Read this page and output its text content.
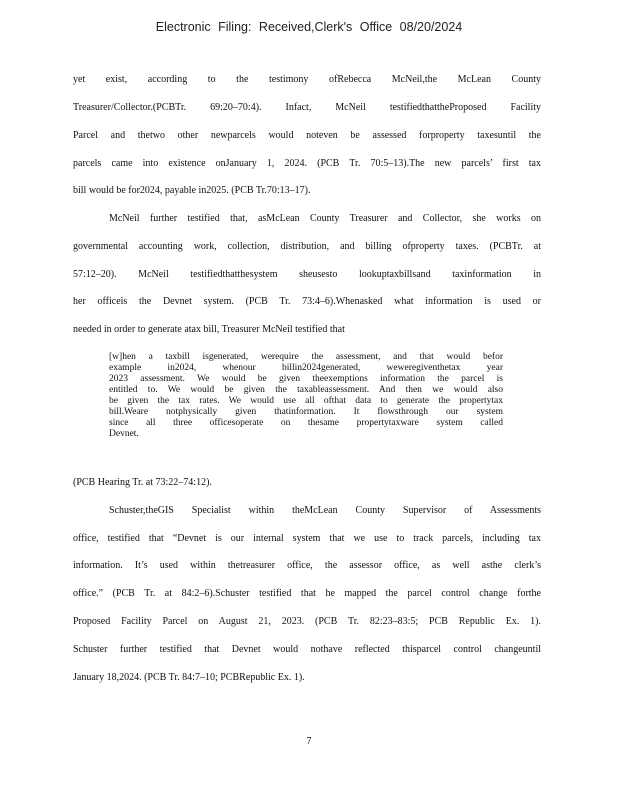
Electronic Filing: Received,Clerk's Office 08/20/2024
yet exist, according to the testimony ofRebecca McNeil,the McLean County
Treasurer/Collector.(PCBTr. 69:20–70:4). Infact, McNeil testifiedthattheProposed Facility
Parcel and thetwo other newparcels would noteven be assessed forproperty taxesuntil the
parcels came into existence onJanuary 1, 2024. (PCB Tr. 70:5–13).The new parcels’ first tax
bill would be for2024, payable in2025. (PCB Tr.70:13–17).
McNeil further testified that, asMcLean County Treasurer and Collector, she works on
governmental accounting work, collection, distribution, and billing ofproperty taxes. (PCBTr. at
57:12–20). McNeil testifiedthatthesystem sheusesto lookuptaxbillsand taxinformation in
her officeis the Devnet system. (PCB Tr. 73:4–6).Whenasked what information is used or
needed in order to generate atax bill, Treasurer McNeil testified that
[w]hen a taxbill isgenerated, werequire the assessment, and that would befor
example in2024, whenour billin2024generated, weweregiventhetax year
2023 assessment. We would be given theexemptions information the parcel is
entitled to. We would be given the taxableassessment. And then we would also
be given the tax rates. We would use all ofthat data to generate the propertytax
bill.Weare notphysically given thatinformation. It flowsthrough our system
since all three officesoperate on thesame propertytaxware system called
Devnet.
(PCB Hearing Tr. at 73:22–74:12).
Schuster,theGIS Specialist within theMcLean County Supervisor of Assessments
office, testified that “Devnet is our internal system that we use to track parcels, including tax
information. It’s used within thetreasurer office, the assessor office, as well asthe clerk’s
office.” (PCB Tr. at 84:2–6).Schuster testified that he mapped the parcel control change forthe
Proposed Facility Parcel on August 21, 2023. (PCB Tr. 82:23–83:5; PCB Republic Ex. 1).
Schuster further testified that Devnet would nothave reflected thisparcel control changeuntil
January 18,2024. (PCB Tr. 84:7–10; PCBRepublic Ex. 1).
7
